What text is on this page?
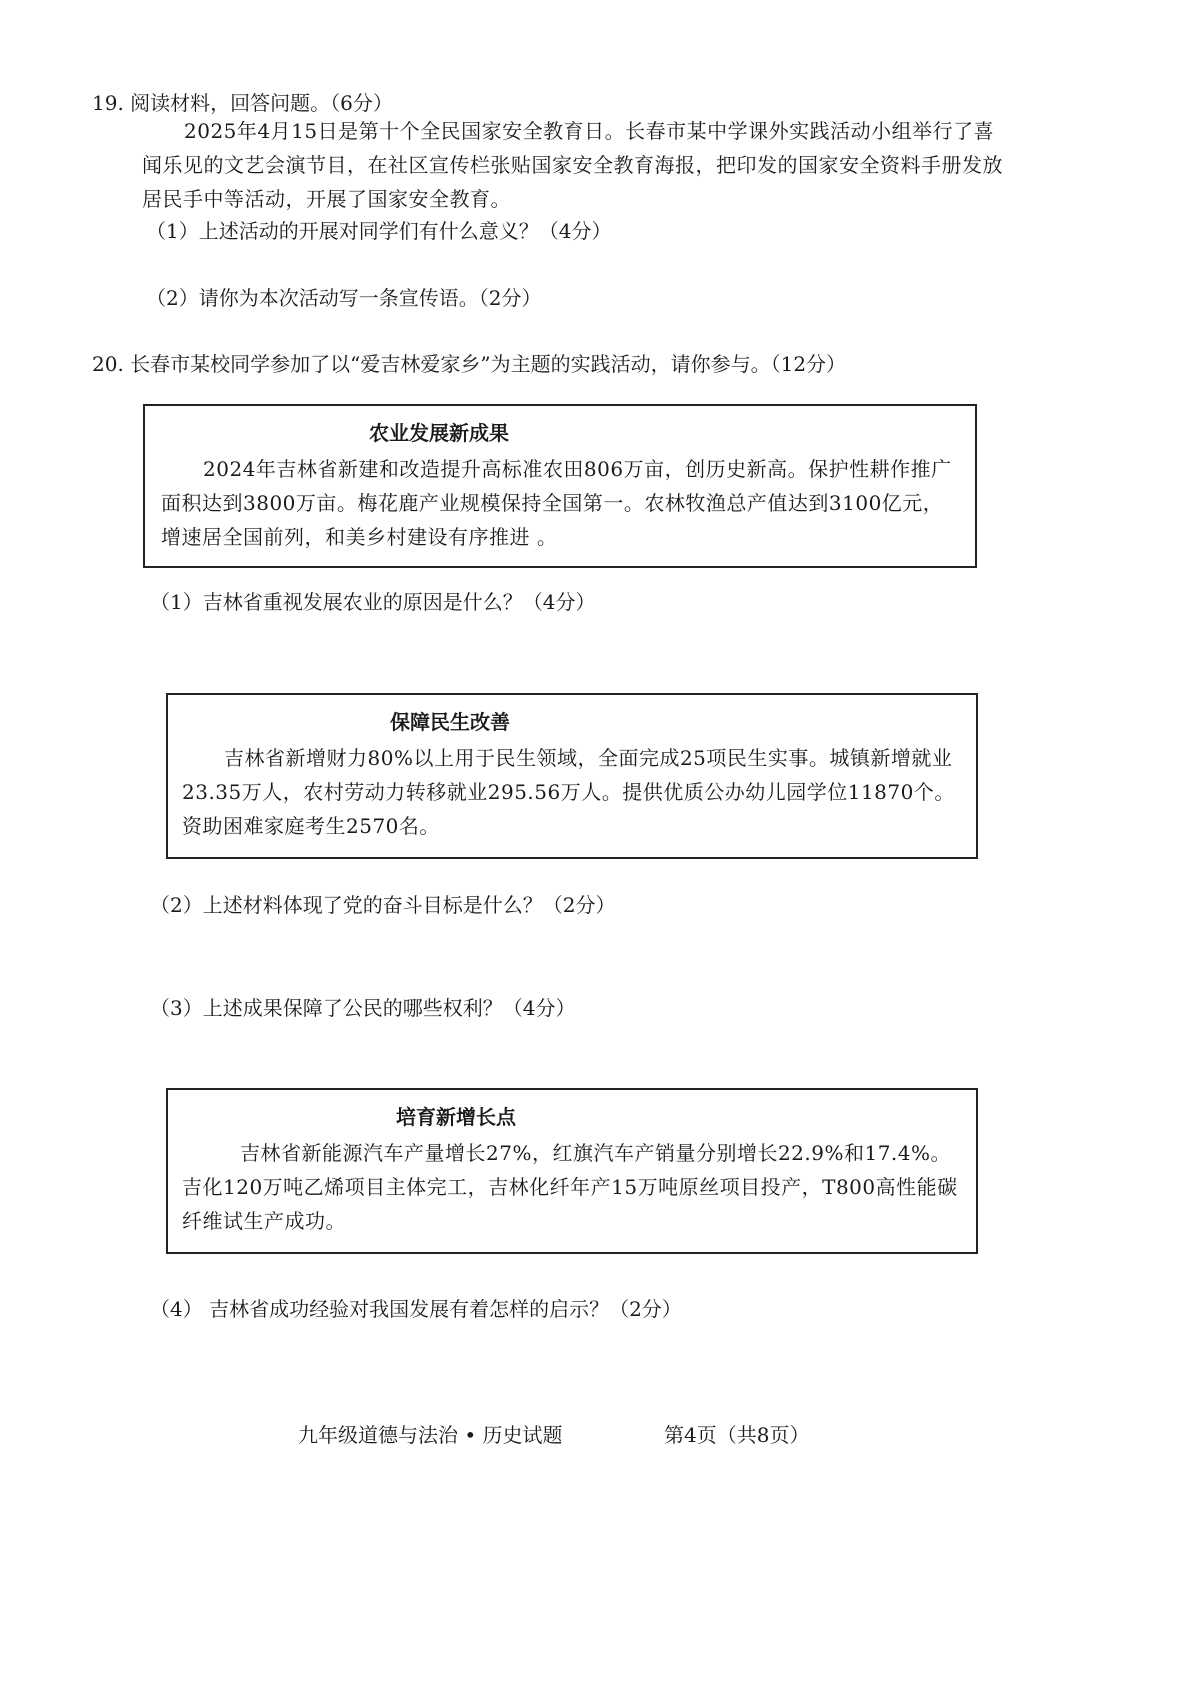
19. 阅读材料，回答问题。（6分）
2025年4月15日是第十个全民国家安全教育日。长春市某中学课外实践活动小组举行了喜闻乐见的文艺会演节目，在社区宣传栏张贴国家安全教育海报，把印发的国家安全资料手册发放居民手中等活动，开展了国家安全教育。
（1）上述活动的开展对同学们有什么意义？（4分）
（2）请你为本次活动写一条宣传语。（2分）
20. 长春市某校同学参加了以“爱吉林爱家乡”为主题的实践活动，请你参与。（12分）
农业发展新成果
2024年吉林省新建和改造提升高标准农田806万亩，创历史新高。保护性耕作推广面积达到3800万亩。梅花鹿产业规模保持全国第一。农林牧渔总产值达到3100亿元，增速居全国前列，和美乡村建设有序推进 。
（1）吉林省重视发展农业的原因是什么？（4分）
保障民生改善
吉林省新增财力80%以上用于民生领域，全面完成25项民生实事。城镇新增就业23.35万人，农村劳动力转移就业295.56万人。提供优质公办幼儿园学位11870个。资助困难家庭考生2570名。
（2）上述材料体现了党的奋斗目标是什么？（2分）
（3）上述成果保障了公民的哪些权利？（4分）
培育新增长点
吉林省新能源汽车产量增长27%，红旗汽车产销量分别增长22.9%和17.4%。吉化120万吨乙烯项目主体完工，吉林化纤年产15万吨原丝项目投产，T800高性能碳纤维试生产成功。
（4） 吉林省成功经验对我国发展有着怎样的启示？（2分）
九年级道德与法治 • 历史试题	第4页（共8页）
